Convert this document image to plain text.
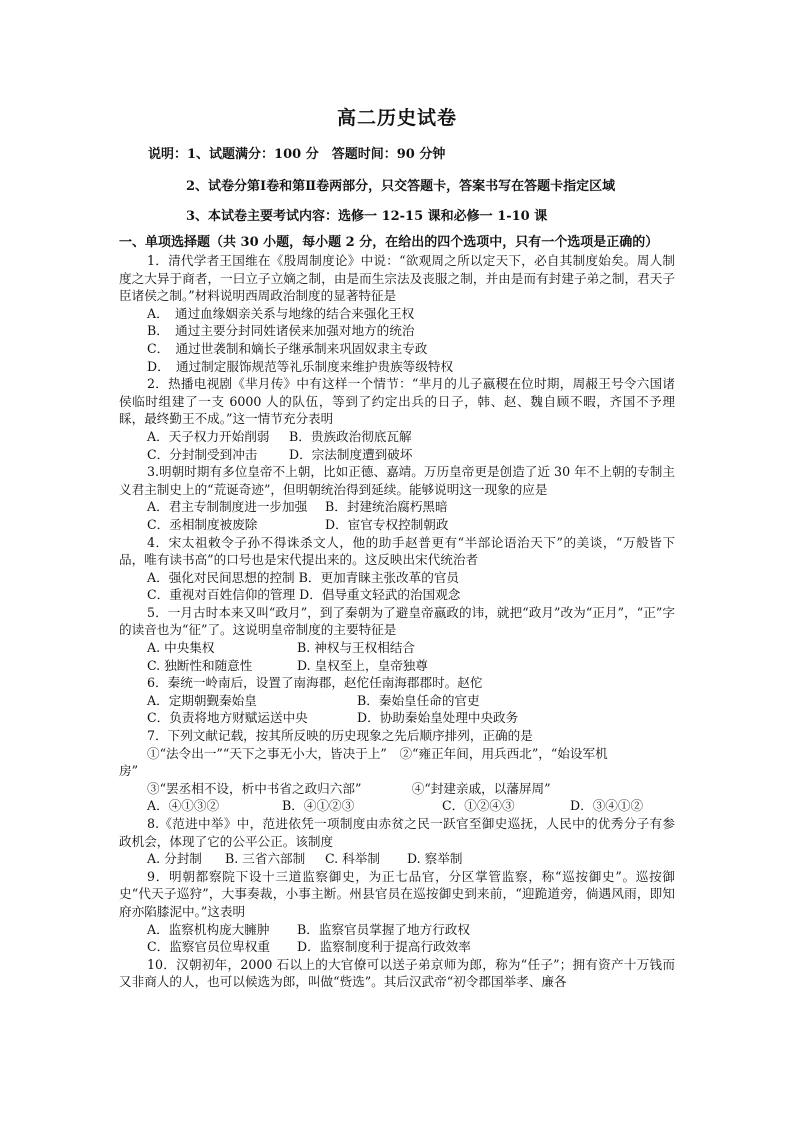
高二历史试卷
说明：1、试题满分：100 分　答题时间：90 分钟
2、试卷分第Ⅰ卷和第Ⅱ卷两部分，只交答题卡，答案书写在答题卡指定区域
3、本试卷主要考试内容：选修一 12-15 课和必修一 1-10 课
一、单项选择题（共 30 小题，每小题 2 分，在给出的四个选项中，只有一个选项是正确的）

1．清代学者王国维在《殷周制度论》中说：“欲观周之所以定天下，必自其制度始矣。周人制度之大异于商者，一曰立子立嫡之制，由是而生宗法及丧服之制，并由是而有封建子弟之制，君天子臣诸侯之制。”材料说明西周政治制度的显著特征是

A．　通过血缘姻亲关系与地缘的结合来强化王权
B．　通过主要分封同姓诸侯来加强对地方的统治
C．　通过世袭制和嫡长子继承制来巩固奴隶主专政
D．　通过制定服饰规范等礼乐制度来维护贵族等级特权

2．热播电视剧《芈月传》中有这样一个情节：“芈月的儿子嬴稷在位时期，周赧王号令六国诸侯临时组建了一支 6000 人的队伍，等到了约定出兵的日子，韩、赵、魏自顾不暇，齐国不予理睬，最终勤王不成。”这一情节充分表明

A．天子权力开始削弱	B．贵族政治彻底瓦解
C．分封制受到冲击	D．宗法制度遭到破坏

3.明朝时期有多位皇帝不上朝，比如正德、嘉靖。万历皇帝更是创造了近 30 年不上朝的专制主义君主制史上的“荒诞奇迹”，但明朝统治得到延续。能够说明这一现象的应是

A．君主专制制度进一步加强	B．封建统治腐朽黑暗
C．丞相制度被废除	D．宦官专权控制朝政

4．宋太祖敕令子孙不得诛杀文人，他的助手赵普更有“半部论语治天下”的美谈，“万般皆下品，唯有读书高”的口号也是宋代提出来的。这反映出宋代统治者

A．强化对民间思想的控制 B．更加青睐主张改革的官员
C．重视对百姓信仰的管理 D．倡导重文轻武的治国观念

5．一月古时本来又叫“政月”，到了秦朝为了避皇帝嬴政的讳，就把“政月”改为“正月”，“正”字的读音也为“征”了。这说明皇帝制度的主要特征是

A. 中央集权	B. 神权与王权相结合
C. 独断性和随意性	D. 皇权至上，皇帝独尊

6．秦统一岭南后，设置了南海郡，赵佗任南海郡郡时。赵佗

A．定期朝觐秦始皇	B．秦始皇任命的官吏
C．负责将地方财赋运送中央	D．协助秦始皇处理中央政务

7．下列文献记载，按其所反映的历史现象之先后顺序排列，正确的是

①“法令出一”“天下之事无小大，皆决于上”　②“雍正年间，用兵西北”，“始设军机

房”

③“罢丞相不设，析中书省之政归六部”　　　　④“封建亲戚，以藩屏周”

A．④①③②	B．④①②③	C．①②④③	D．③④①②

8.《范进中举》中，范进依凭一项制度由赤贫之民一跃官至御史巡抚，人民中的优秀分子有参政机会，体现了它的公平公正。该制度

A. 分封制	B. 三省六部制	C. 科举制	D. 察举制

9．明朝都察院下设十三道监察御史，为正七品官，分区掌管监察，称“巡按御史”。巡按御史“代天子巡狩”，大事奏裁，小事主断。州县官员在巡按御史到来前，“迎跪道旁，倘遇风雨，即知府亦陷膝泥中。”这表明

A．监察机构庞大臃肿	B．监察官员掌握了地方行政权
C．监察官员位卑权重	D．监察制度利于提高行政效率

10．汉朝初年，2000 石以上的大官僚可以送子弟京师为郎，称为“任子”；拥有资产十万钱而又非商人的人，也可以候选为郎，叫做“赀选”。其后汉武帝“初令郡国举孝、廉各
